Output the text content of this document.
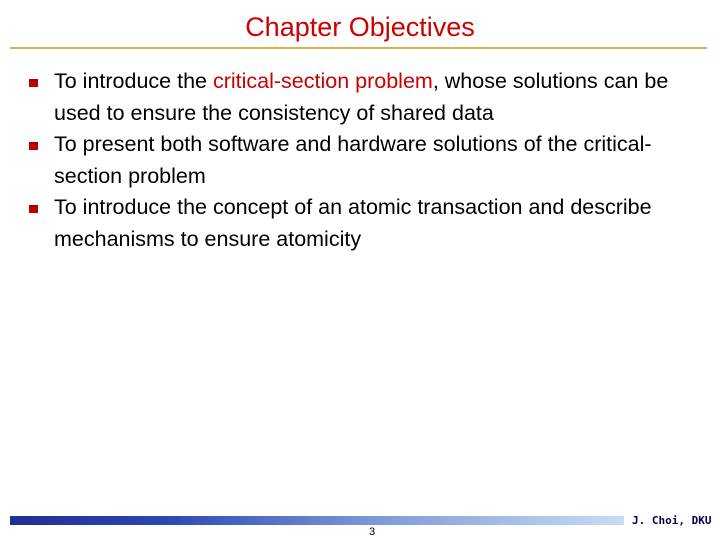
Chapter Objectives
To introduce the critical-section problem, whose solutions can be used to ensure the consistency of shared data
To present both software and hardware solutions of the critical-section problem
To introduce the concept of an atomic transaction and describe mechanisms to ensure atomicity
3
J. Choi, DKU
